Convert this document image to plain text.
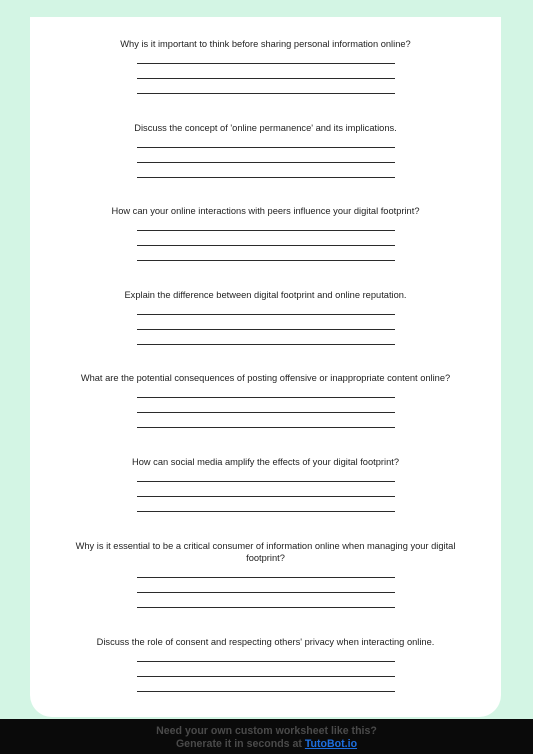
Why is it important to think before sharing personal information online?
Discuss the concept of 'online permanence' and its implications.
How can your online interactions with peers influence your digital footprint?
Explain the difference between digital footprint and online reputation.
What are the potential consequences of posting offensive or inappropriate content online?
How can social media amplify the effects of your digital footprint?
Why is it essential to be a critical consumer of information online when managing your digital footprint?
Discuss the role of consent and respecting others' privacy when interacting online.
Need your own custom worksheet like this?
Generate it in seconds at TutoBot.io
